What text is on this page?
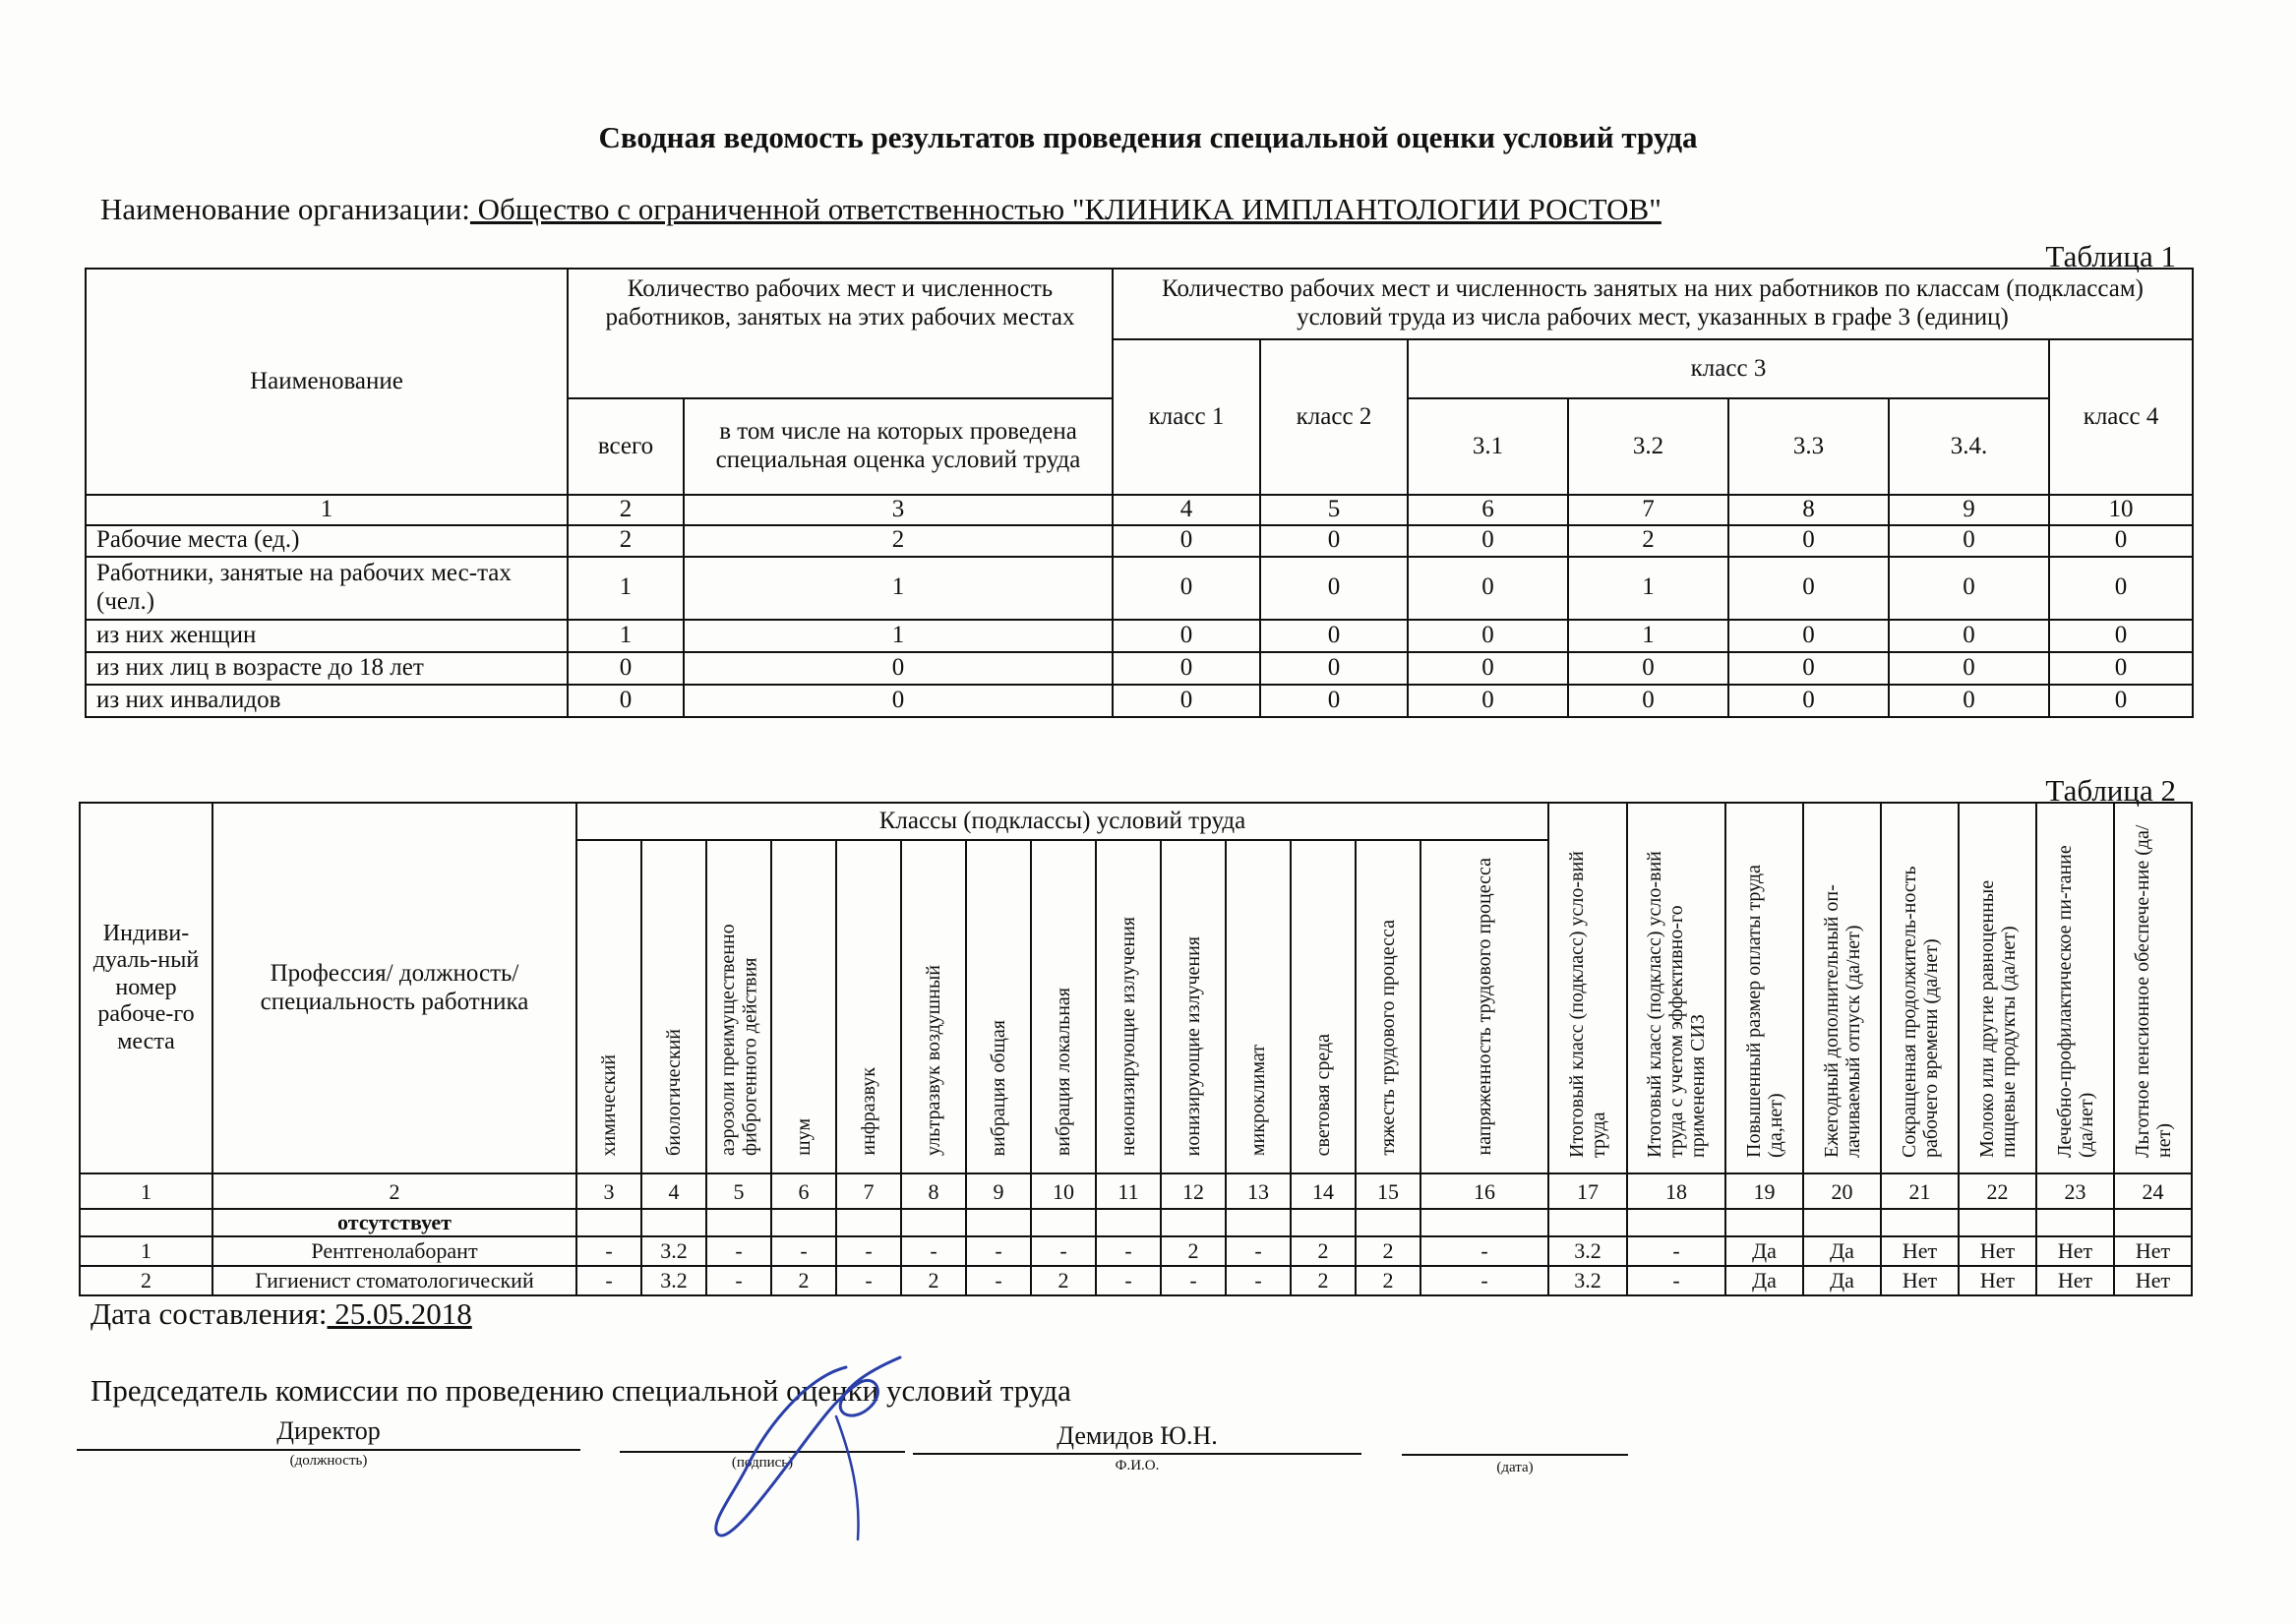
Сводная ведомость результатов проведения специальной оценки условий труда
Наименование организации: Общество с ограниченной ответственностью "КЛИНИКА ИМПЛАНТОЛОГИИ РОСТОВ"
Таблица 1
Наименование	Количество рабочих мест и численность работников, занятых на этих рабочих местах		Количество рабочих мест и численность занятых на них работников по классам (подклассам) условий труда из числа рабочих мест, указанных в графе 3 (единиц)						
			класс 1	класс 2	класс 3				класс 4
	всего	в том числе на которых проведена специальная оценка условий труда			3.1	3.2	3.3	3.4.	
1	2	3	4	5	6	7	8	9	10
Рабочие места (ед.)	2	2	0	0	0	2	0	0	0
Работники, занятые на рабочих мес-тах (чел.)	1	1	0	0	0	1	0	0	0
из них женщин	1	1	0	0	0	1	0	0	0
из них лиц в возрасте до 18 лет	0	0	0	0	0	0	0	0	0
из них инвалидов	0	0	0	0	0	0	0	0	0
Таблица 2
Индиви-дуаль-ный номер рабоче-го места	Профессия/ должность/ специальность работника	Классы (подклассы) условий труда														Итоговый класс (подкласс) усло-вий труда	Итоговый класс (подкласс) усло-вий труда с учетом эффективно-го применения СИЗ	Повышенный размер оплаты труда (да,нет)	Ежегодный дополнительный оп-лачиваемый отпуск (да/нет)	Сокращенная продолжитель-ность рабочего времени (да/нет)	Молоко или другие равноценные пищевые продукты (да/нет)	Лечебно-профилактическое пи-тание (да/нет)	Льготное пенсионное обеспече-ние (да/нет)
		химический	биологический	аэрозоли преимущественно фиброгенного действия	шум	инфразвук	ультразвук воздушный	вибрация общая	вибрация локальная	неионизирующие излучения	ионизирующие излучения	микроклимат	световая среда	тяжесть трудового процесса	напряженность трудового процесса								
1	2	3	4	5	6	7	8	9	10	11	12	13	14	15	16	17	18	19	20	21	22	23	24
	отсутствует																						
1	Рентгенолаборант	-	3.2	-	-	-	-	-	-	-	2	-	2	2	-	3.2	-	Да	Да	Нет	Нет	Нет	Нет
2	Гигиенист стоматологический	-	3.2	-	2	-	2	-	2	-	-	-	2	2	-	3.2	-	Да	Да	Нет	Нет	Нет	Нет
Дата составления: 25.05.2018
Председатель комиссии по проведению специальной оценки условий труда
Директор
(должность)	(подпись)
Демидов Ю.Н.
Ф.И.О.	(дата)
